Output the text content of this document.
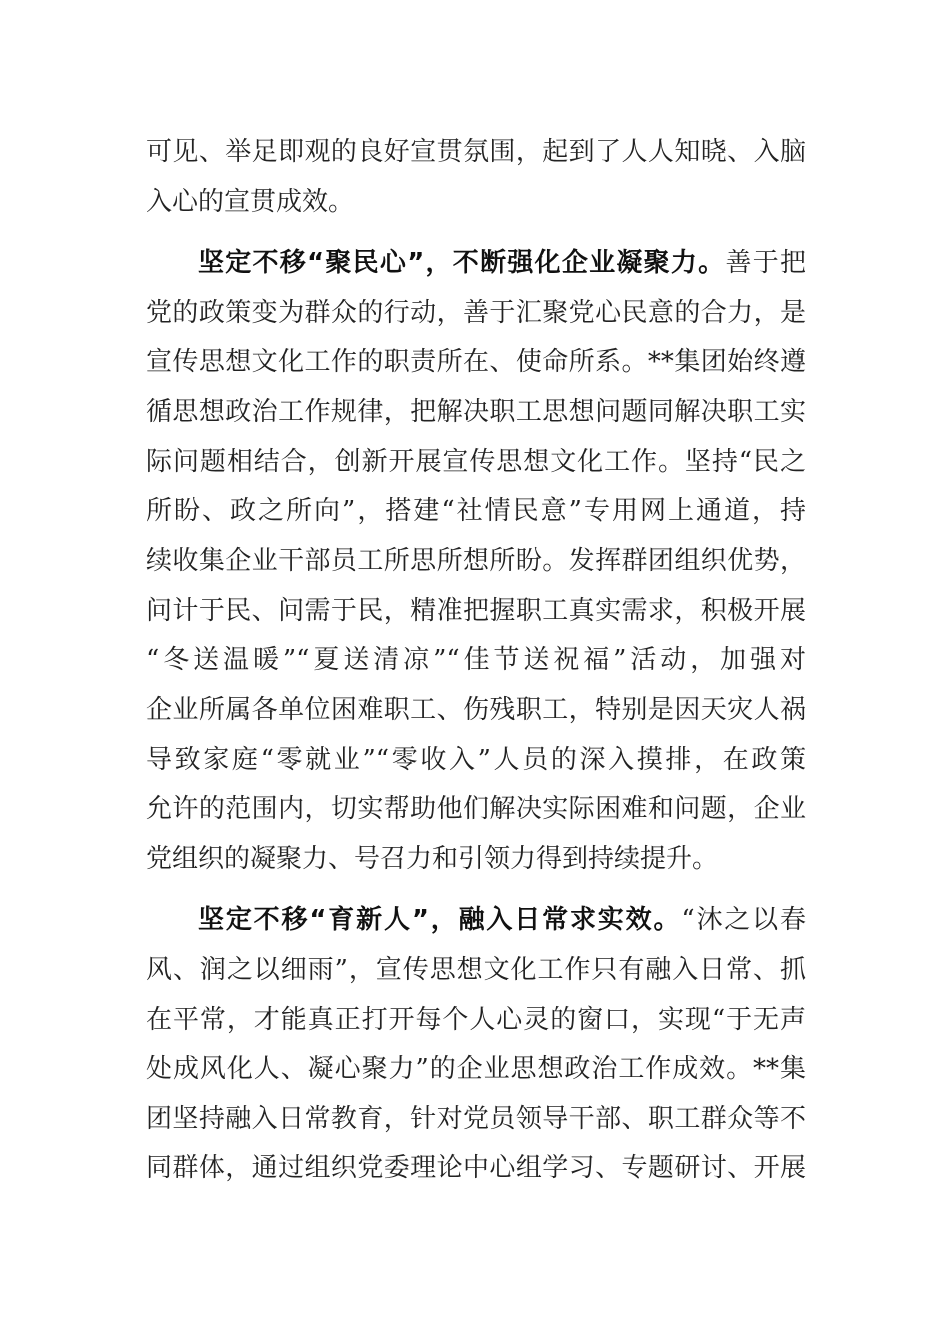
可见、举足即观的良好宣贯氛围，起到了人人知晓、入脑
入心的宣贯成效。
坚定不移“聚民心”，不断强化企业凝聚力。善于把
党的政策变为群众的行动，善于汇聚党心民意的合力，是
宣传思想文化工作的职责所在、使命所系。**集团始终遵
循思想政治工作规律，把解决职工思想问题同解决职工实
际问题相结合，创新开展宣传思想文化工作。坚持“民之
所盼、政之所向”，搭建“社情民意”专用网上通道，持
续收集企业干部员工所思所想所盼。发挥群团组织优势，
问计于民、问需于民，精准把握职工真实需求，积极开展
“冬送温暖”“夏送清凉”“佳节送祝福”活动，加强对
企业所属各单位困难职工、伤残职工，特别是因天灾人祸
导致家庭“零就业”“零收入”人员的深入摸排，在政策
允许的范围内，切实帮助他们解决实际困难和问题，企业
党组织的凝聚力、号召力和引领力得到持续提升。
坚定不移“育新人”，融入日常求实效。“沐之以春
风、润之以细雨”，宣传思想文化工作只有融入日常、抓
在平常，才能真正打开每个人心灵的窗口，实现“于无声
处成风化人、凝心聚力”的企业思想政治工作成效。**集
团坚持融入日常教育，针对党员领导干部、职工群众等不
同群体，通过组织党委理论中心组学习、专题研讨、开展
